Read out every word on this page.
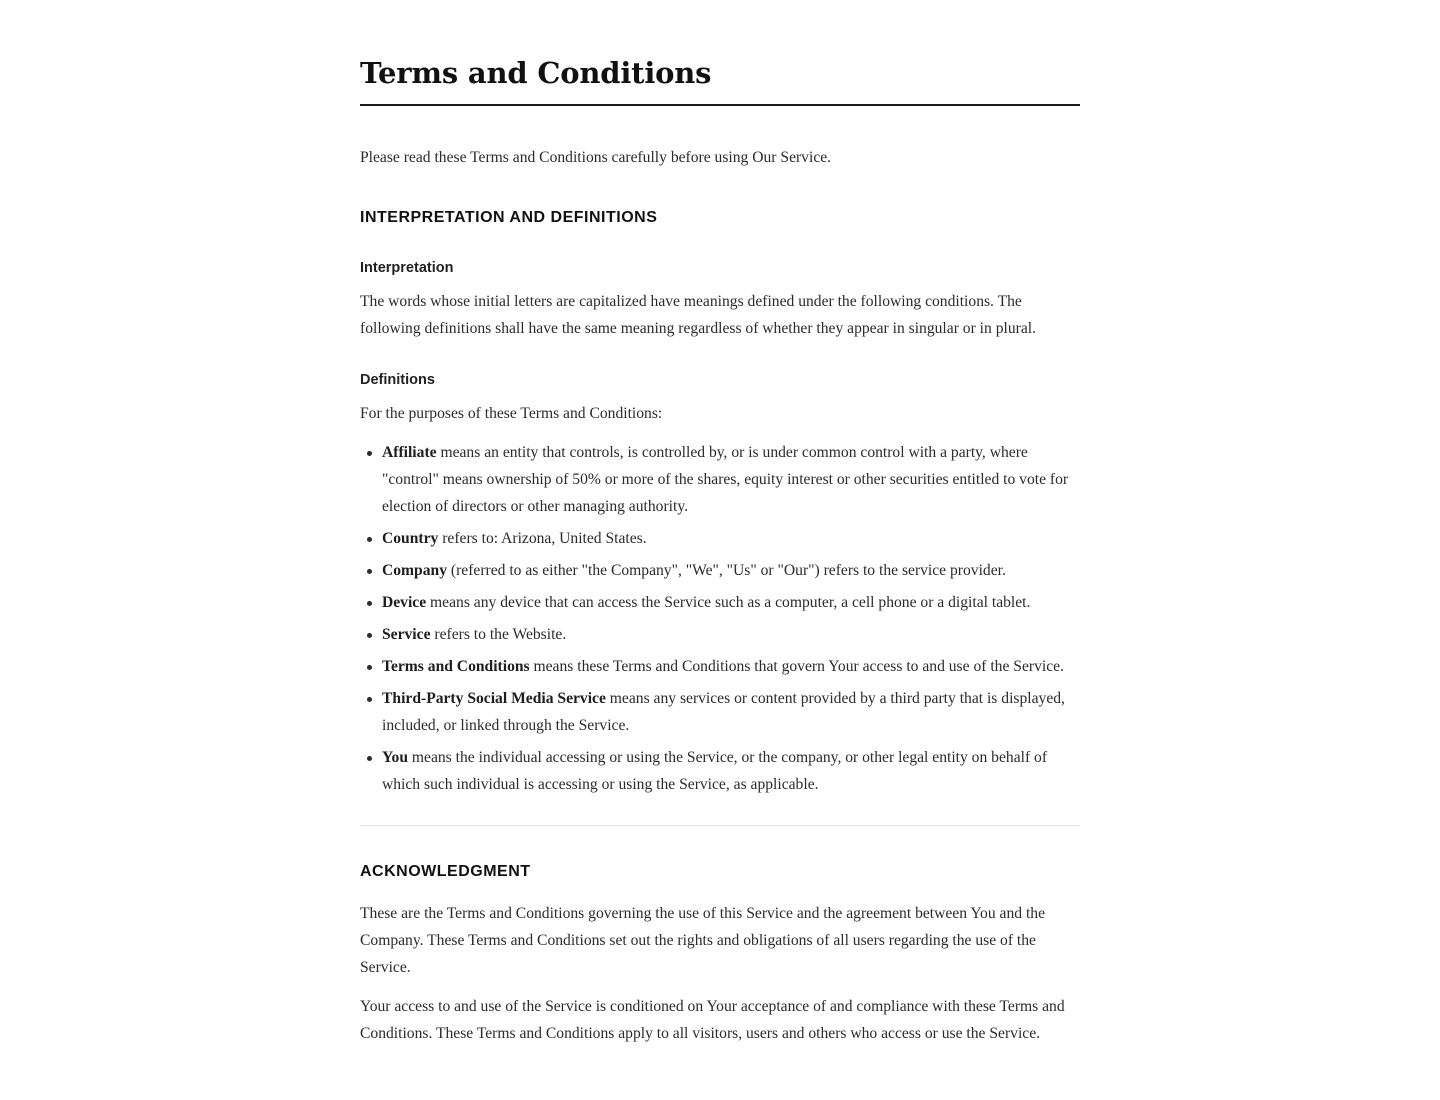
Terms and Conditions

Please read these Terms and Conditions carefully before using Our Service.

INTERPRETATION AND DEFINITIONS
Interpretation

The words whose initial letters are capitalized have meanings defined under the following conditions. The following definitions shall have the same meaning regardless of whether they appear in singular or in plural.

Definitions

For the purposes of these Terms and Conditions:

Affiliate means an entity that controls, is controlled by, or is under common control with a party, where "control" means ownership of 50% or more of the shares, equity interest or other securities entitled to vote for election of directors or other managing authority.
Country refers to: Arizona, United States.
Company (referred to as either "the Company", "We", "Us" or "Our") refers to the service provider.
Device means any device that can access the Service such as a computer, a cell phone or a digital tablet.
Service refers to the Website.
Terms and Conditions means these Terms and Conditions that govern Your access to and use of the Service.
Third-Party Social Media Service means any services or content provided by a third party that is displayed, included, or linked through the Service.
You means the individual accessing or using the Service, or the company, or other legal entity on behalf of which such individual is accessing or using the Service, as applicable.
ACKNOWLEDGMENT

These are the Terms and Conditions governing the use of this Service and the agreement between You and the Company. These Terms and Conditions set out the rights and obligations of all users regarding the use of the Service.

Your access to and use of the Service is conditioned on Your acceptance of and compliance with these Terms and Conditions. These Terms and Conditions apply to all visitors, users and others who access or use the Service.
